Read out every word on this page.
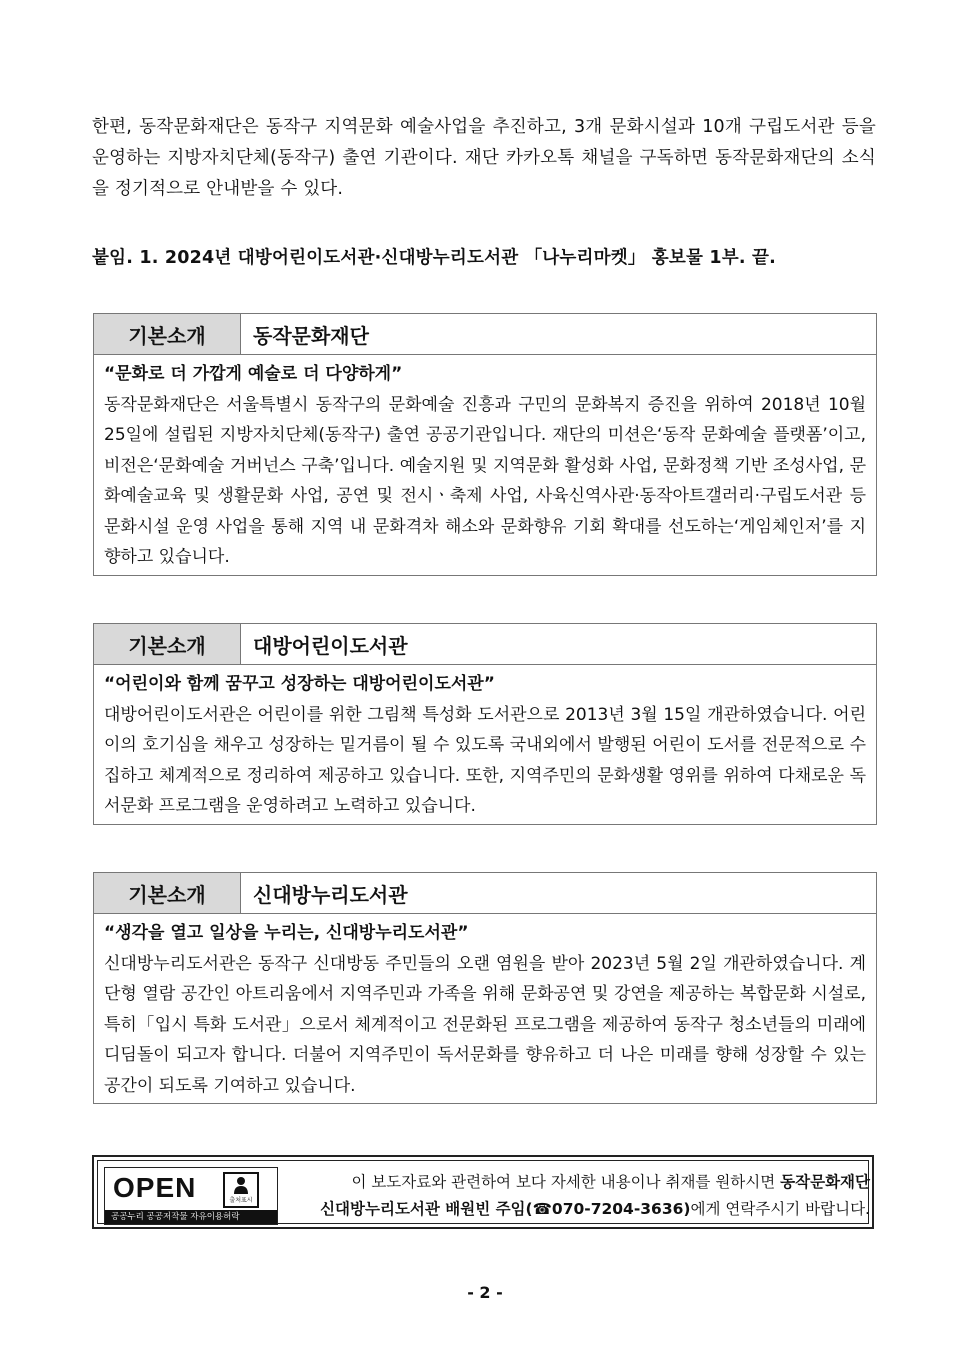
한편, 동작문화재단은 동작구 지역문화 예술사업을 추진하고, 3개 문화시설과 10개 구립도서관 등을 운영하는 지방자치단체(동작구) 출연 기관이다. 재단 카카오톡 채널을 구독하면 동작문화재단의 소식을 정기적으로 안내받을 수 있다.
붙임. 1. 2024년 대방어린이도서관·신대방누리도서관 「나누리마켓」 홍보물 1부. 끝.
기본소개	동작문화재단
“문화로 더 가깝게 예술로 더 다양하게”
동작문화재단은 서울특별시 동작구의 문화예술 진흥과 구민의 문화복지 증진을 위하여 2018년 10월 25일에 설립된 지방자치단체(동작구) 출연 공공기관입니다. 재단의 미션은‘동작 문화예술 플랫폼’이고, 비전은‘문화예술 거버넌스 구축’입니다. 예술지원 및 지역문화 활성화 사업, 문화정책 기반 조성사업, 문화예술교육 및 생활문화 사업, 공연 및 전시ㆍ축제 사업, 사육신역사관·동작아트갤러리·구립도서관 등 문화시설 운영 사업을 통해 지역 내 문화격차 해소와 문화향유 기회 확대를 선도하는‘게임체인저’를 지향하고 있습니다.
기본소개	대방어린이도서관
“어린이와 함께 꿈꾸고 성장하는 대방어린이도서관”
대방어린이도서관은 어린이를 위한 그림책 특성화 도서관으로 2013년 3월 15일 개관하였습니다. 어린이의 호기심을 채우고 성장하는 밑거름이 될 수 있도록 국내외에서 발행된 어린이 도서를 전문적으로 수집하고 체계적으로 정리하여 제공하고 있습니다. 또한, 지역주민의 문화생활 영위를 위하여 다채로운 독서문화 프로그램을 운영하려고 노력하고 있습니다.
기본소개	신대방누리도서관
“생각을 열고 일상을 누리는, 신대방누리도서관”
신대방누리도서관은 동작구 신대방동 주민들의 오랜 염원을 받아 2023년 5월 2일 개관하였습니다. 계단형 열람 공간인 아트리움에서 지역주민과 가족을 위해 문화공연 및 강연을 제공하는 복합문화 시설로, 특히「입시 특화 도서관」으로서 체계적이고 전문화된 프로그램을 제공하여 동작구 청소년들의 미래에 디딤돌이 되고자 합니다. 더불어 지역주민이 독서문화를 향유하고 더 나은 미래를 향해 성장할 수 있는 공간이 되도록 기여하고 있습니다.
OPEN	출처표시
공공누리 공공저작물 자유이용허락
이 보도자료와 관련하여 보다 자세한 내용이나 취재를 원하시면 동작문화재단
신대방누리도서관 배원빈 주임(☎070-7204-3636)에게 연락주시기 바랍니다.
- 2 -
